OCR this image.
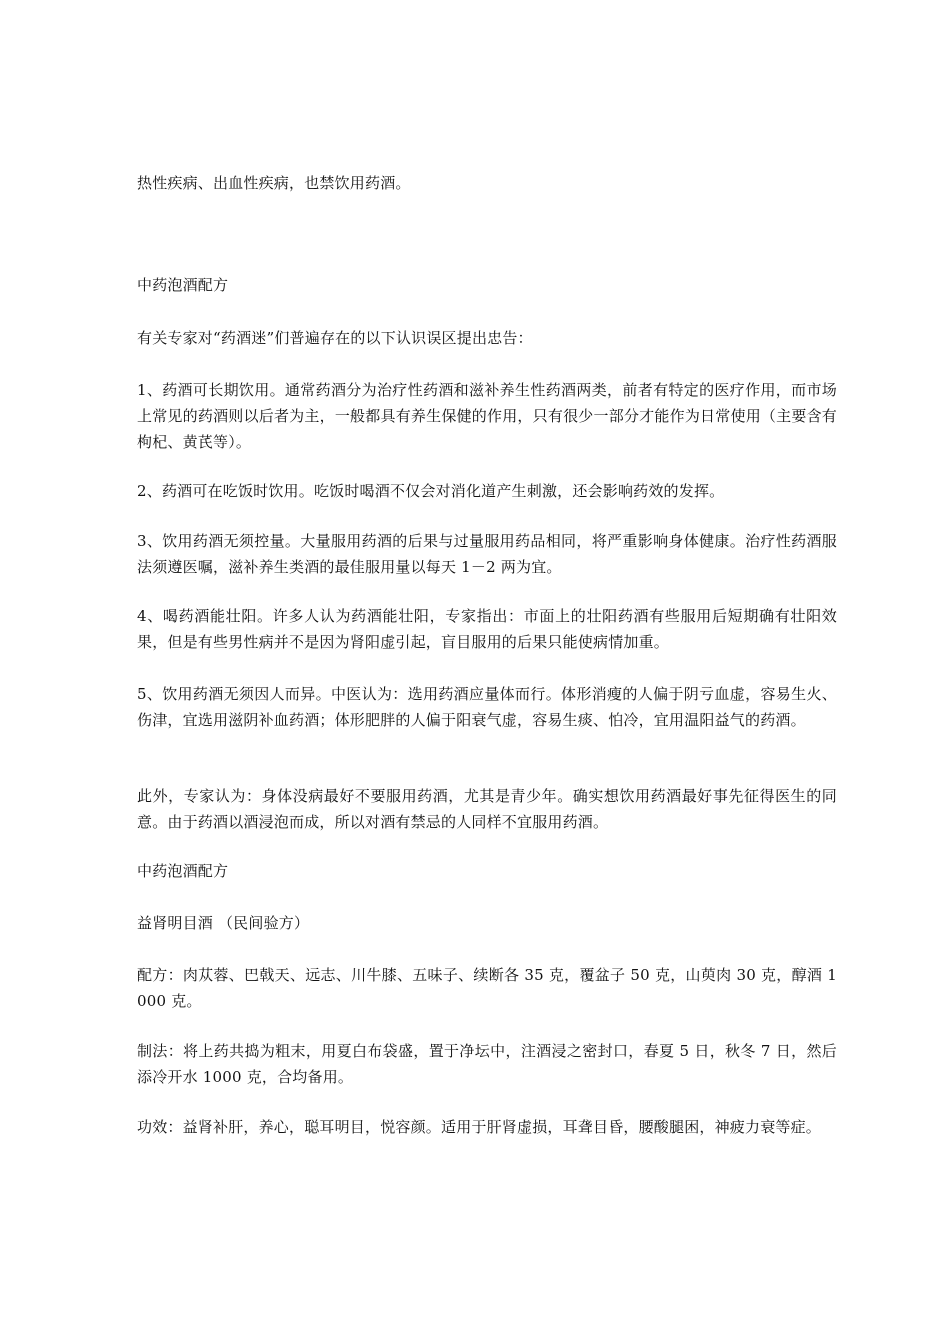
热性疾病、出血性疾病，也禁饮用药酒。

中药泡酒配方

有关专家对“药酒迷”们普遍存在的以下认识误区提出忠告：

1、药酒可长期饮用。通常药酒分为治疗性药酒和滋补养生性药酒两类，前者有特定的医疗作用，而市场上常见的药酒则以后者为主，一般都具有养生保健的作用，只有很少一部分才能作为日常使用（主要含有枸杞、黄芪等）。

2、药酒可在吃饭时饮用。吃饭时喝酒不仅会对消化道产生刺激，还会影响药效的发挥。

3、饮用药酒无须控量。大量服用药酒的后果与过量服用药品相同，将严重影响身体健康。治疗性药酒服法须遵医嘱，滋补养生类酒的最佳服用量以每天 1－2 两为宜。

4、喝药酒能壮阳。许多人认为药酒能壮阳，专家指出：市面上的壮阳药酒有些服用后短期确有壮阳效果，但是有些男性病并不是因为肾阳虚引起，盲目服用的后果只能使病情加重。

5、饮用药酒无须因人而异。中医认为：选用药酒应量体而行。体形消瘦的人偏于阴亏血虚，容易生火、伤津，宜选用滋阴补血药酒；体形肥胖的人偏于阳衰气虚，容易生痰、怕冷，宜用温阳益气的药酒。

此外，专家认为：身体没病最好不要服用药酒，尤其是青少年。确实想饮用药酒最好事先征得医生的同意。由于药酒以酒浸泡而成，所以对酒有禁忌的人同样不宜服用药酒。

中药泡酒配方

益肾明目酒 （民间验方）

配方：肉苁蓉、巴戟天、远志、川牛膝、五味子、续断各 35 克，覆盆子 50 克，山萸肉 30 克，醇酒 1000 克。

制法：将上药共捣为粗末，用夏白布袋盛，置于净坛中，注酒浸之密封口，春夏 5 日，秋冬 7 日，然后添冷开水 1000 克，合均备用。

功效：益肾补肝，养心，聪耳明目，悦容颜。适用于肝肾虚损，耳聋目昏，腰酸腿困，神疲力衰等症。
